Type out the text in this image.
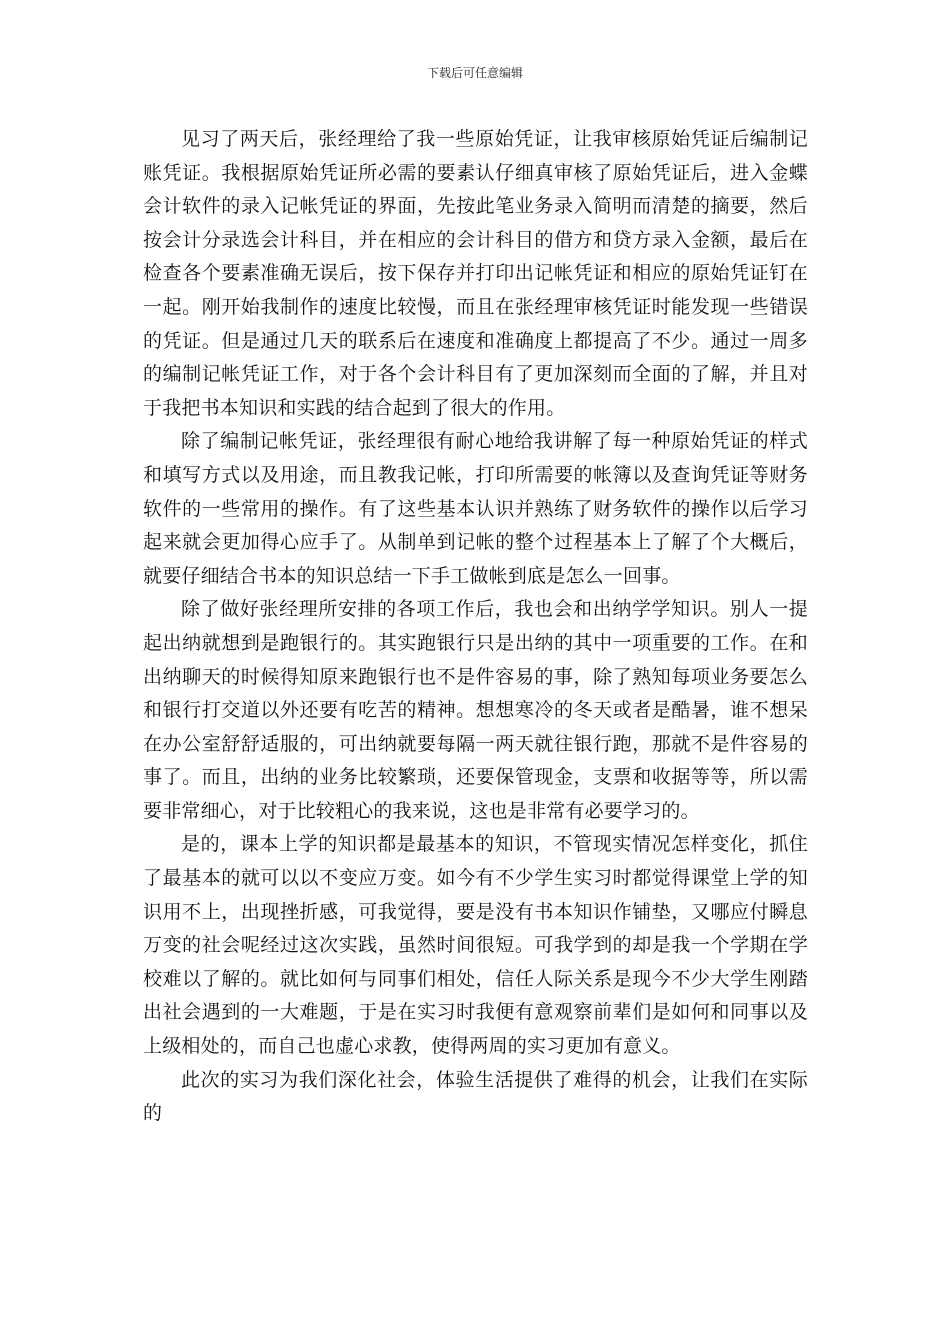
下载后可任意编辑

见习了两天后，张经理给了我一些原始凭证，让我审核原始凭证后编制记账凭证。我根据原始凭证所必需的要素认仔细真审核了原始凭证后，进入金蝶会计软件的录入记帐凭证的界面，先按此笔业务录入简明而清楚的摘要，然后按会计分录选会计科目，并在相应的会计科目的借方和贷方录入金额，最后在检查各个要素准确无误后，按下保存并打印出记帐凭证和相应的原始凭证钉在一起。刚开始我制作的速度比较慢，而且在张经理审核凭证时能发现一些错误的凭证。但是通过几天的联系后在速度和准确度上都提高了不少。通过一周多的编制记帐凭证工作，对于各个会计科目有了更加深刻而全面的了解，并且对于我把书本知识和实践的结合起到了很大的作用。

除了编制记帐凭证，张经理很有耐心地给我讲解了每一种原始凭证的样式和填写方式以及用途，而且教我记帐，打印所需要的帐簿以及查询凭证等财务软件的一些常用的操作。有了这些基本认识并熟练了财务软件的操作以后学习起来就会更加得心应手了。从制单到记帐的整个过程基本上了解了个大概后，就要仔细结合书本的知识总结一下手工做帐到底是怎么一回事。

除了做好张经理所安排的各项工作后，我也会和出纳学学知识。别人一提起出纳就想到是跑银行的。其实跑银行只是出纳的其中一项重要的工作。在和出纳聊天的时候得知原来跑银行也不是件容易的事，除了熟知每项业务要怎么和银行打交道以外还要有吃苦的精神。想想寒冷的冬天或者是酷暑，谁不想呆在办公室舒舒适服的，可出纳就要每隔一两天就往银行跑，那就不是件容易的事了。而且，出纳的业务比较繁琐，还要保管现金，支票和收据等等，所以需要非常细心，对于比较粗心的我来说，这也是非常有必要学习的。

是的，课本上学的知识都是最基本的知识，不管现实情况怎样变化，抓住了最基本的就可以以不变应万变。如今有不少学生实习时都觉得课堂上学的知识用不上，出现挫折感，可我觉得，要是没有书本知识作铺垫，又哪应付瞬息万变的社会呢经过这次实践，虽然时间很短。可我学到的却是我一个学期在学校难以了解的。就比如何与同事们相处，信任人际关系是现今不少大学生刚踏出社会遇到的一大难题，于是在实习时我便有意观察前辈们是如何和同事以及上级相处的，而自己也虚心求教，使得两周的实习更加有意义。

此次的实习为我们深化社会，体验生活提供了难得的机会，让我们在实际的
